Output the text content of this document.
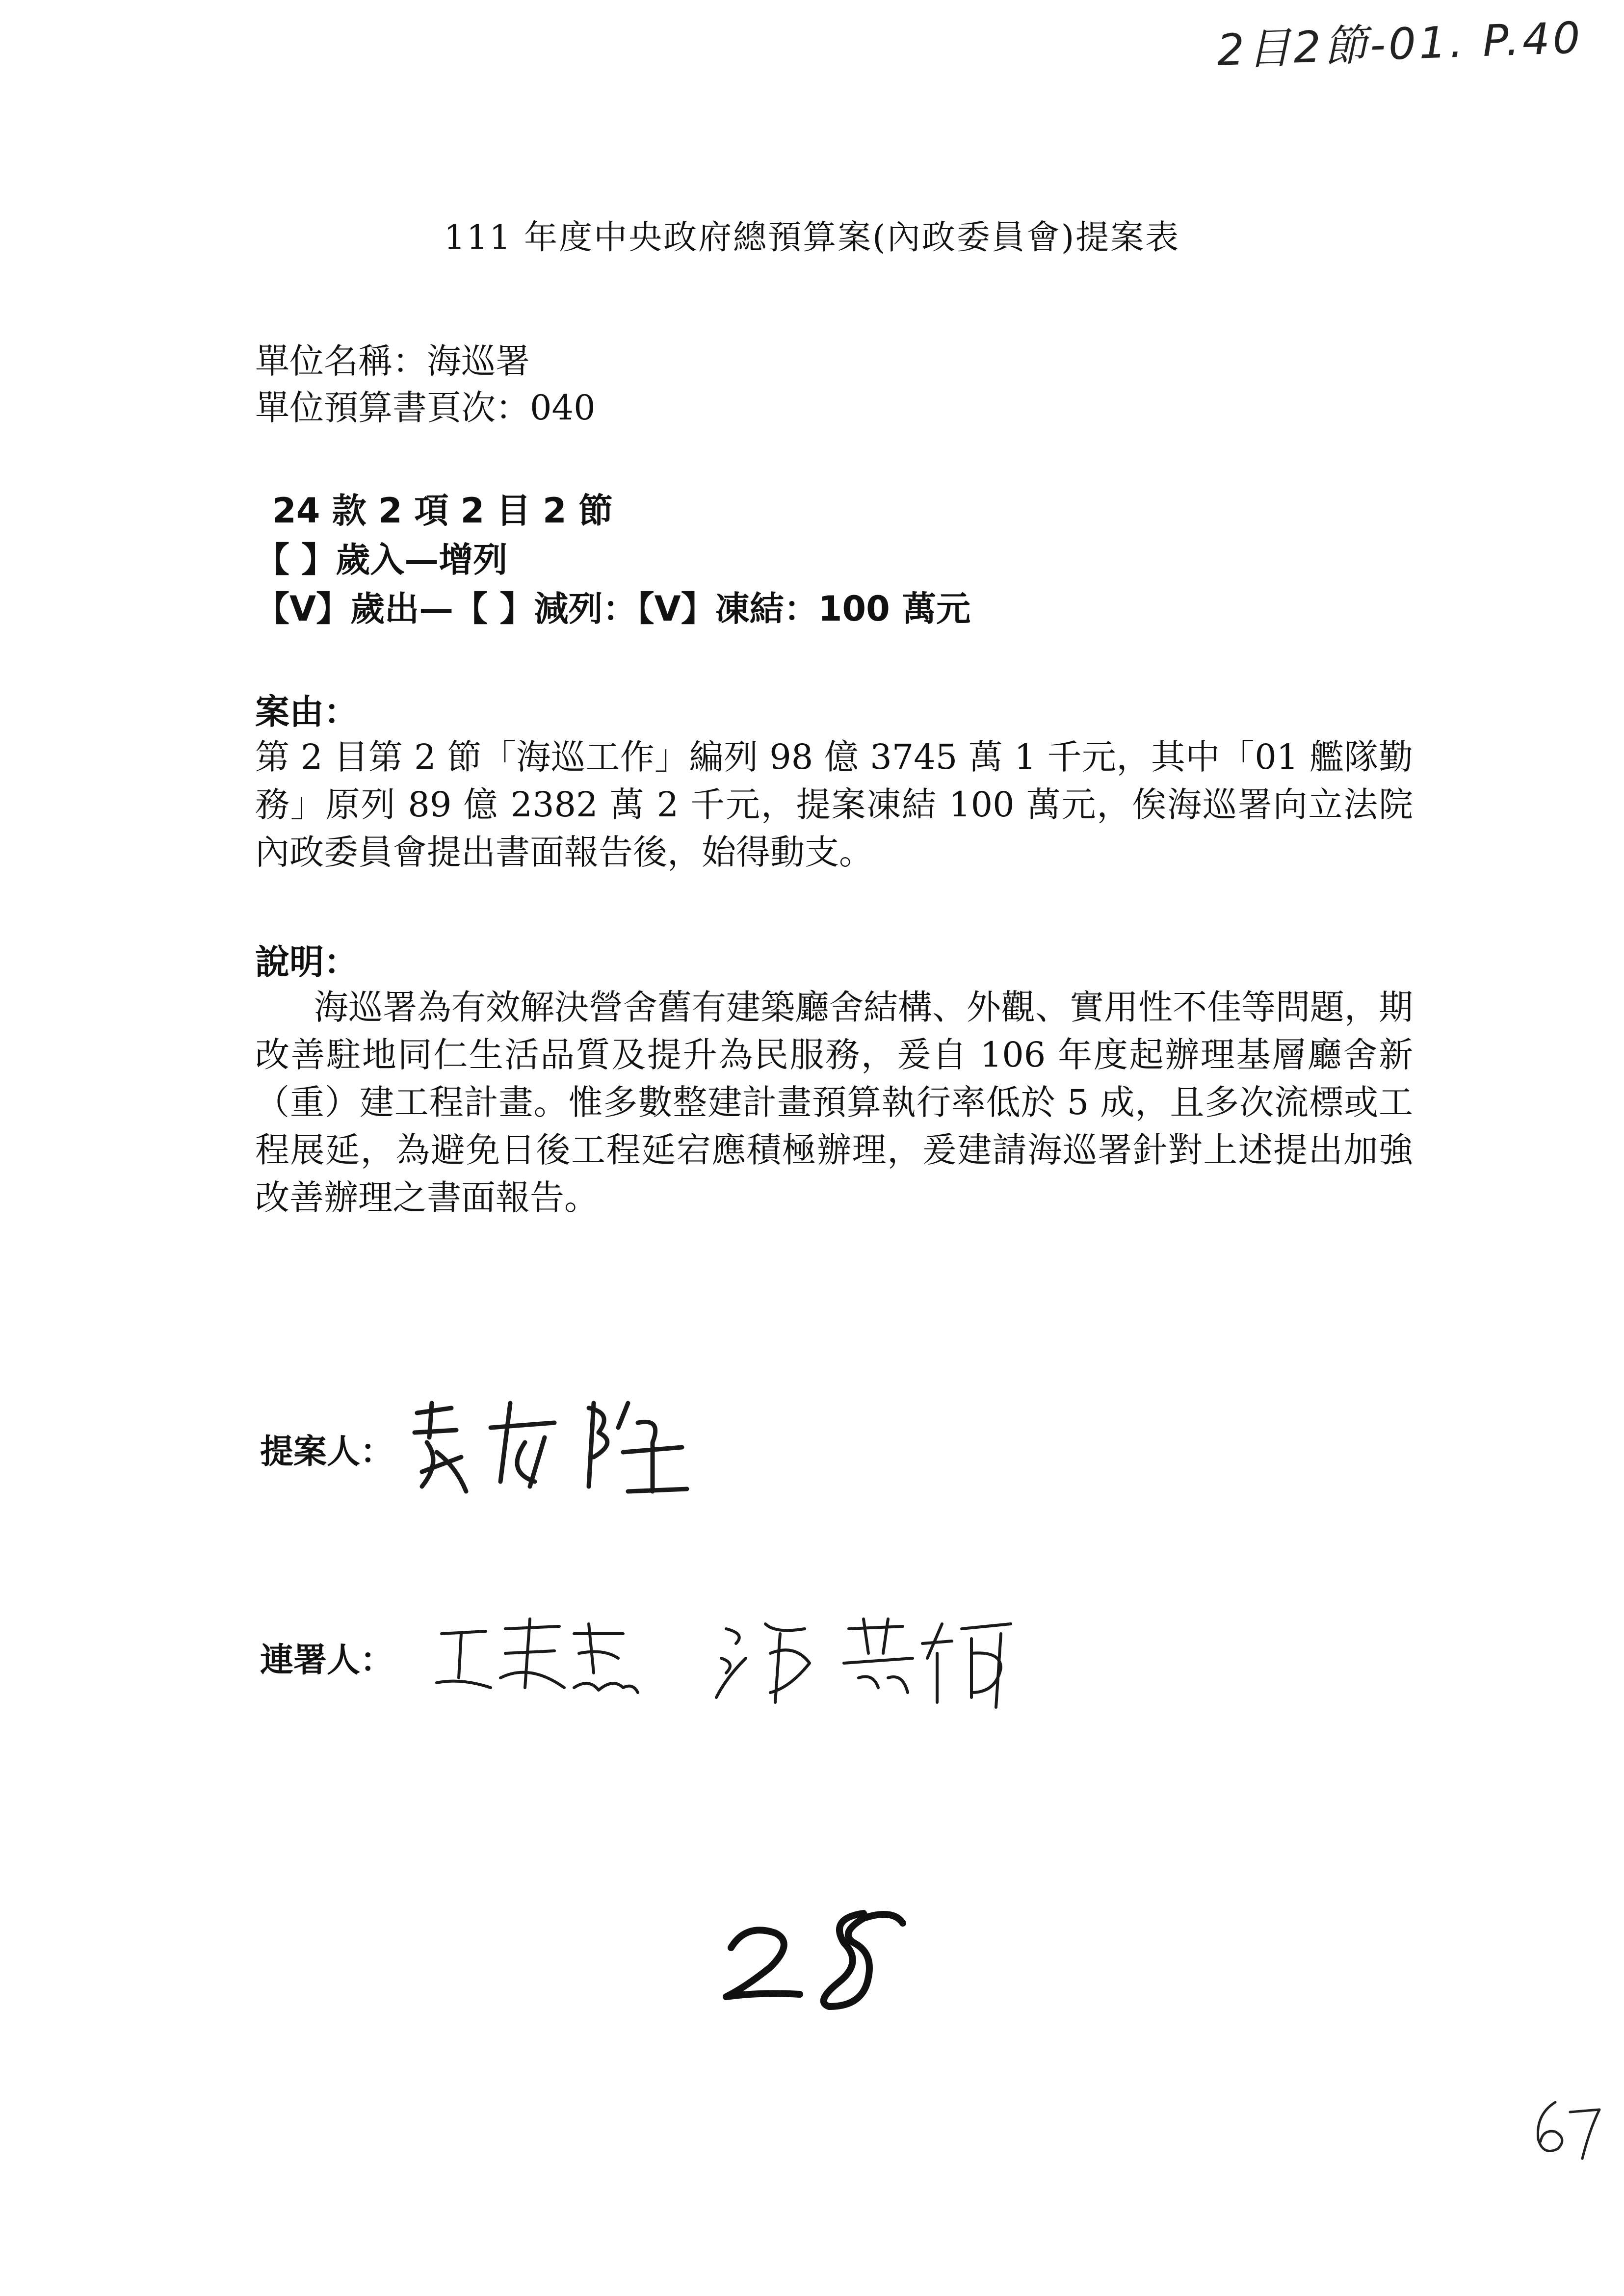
2目2節-01. P.40
111 年度中央政府總預算案(內政委員會)提案表
單位名稱：海巡署
單位預算書頁次：040
24 款 2 項 2 目 2 節
【 】歲入—增列
【V】歲出—【 】減列：【V】凍結：100 萬元
案由：
第 2 目第 2 節「海巡工作」編列 98 億 3745 萬 1 千元，其中「01 艦隊勤務」原列 89 億 2382 萬 2 千元，提案凍結 100 萬元，俟海巡署向立法院內政委員會提出書面報告後，始得動支。
說明：
海巡署為有效解決營舍舊有建築廳舍結構、外觀、實用性不佳等問題，期改善駐地同仁生活品質及提升為民服務，爰自 106 年度起辦理基層廳舍新（重）建工程計畫。惟多數整建計畫預算執行率低於 5 成，且多次流標或工程展延，為避免日後工程延宕應積極辦理，爰建請海巡署針對上述提出加強改善辦理之書面報告。
提案人：
連署人：
